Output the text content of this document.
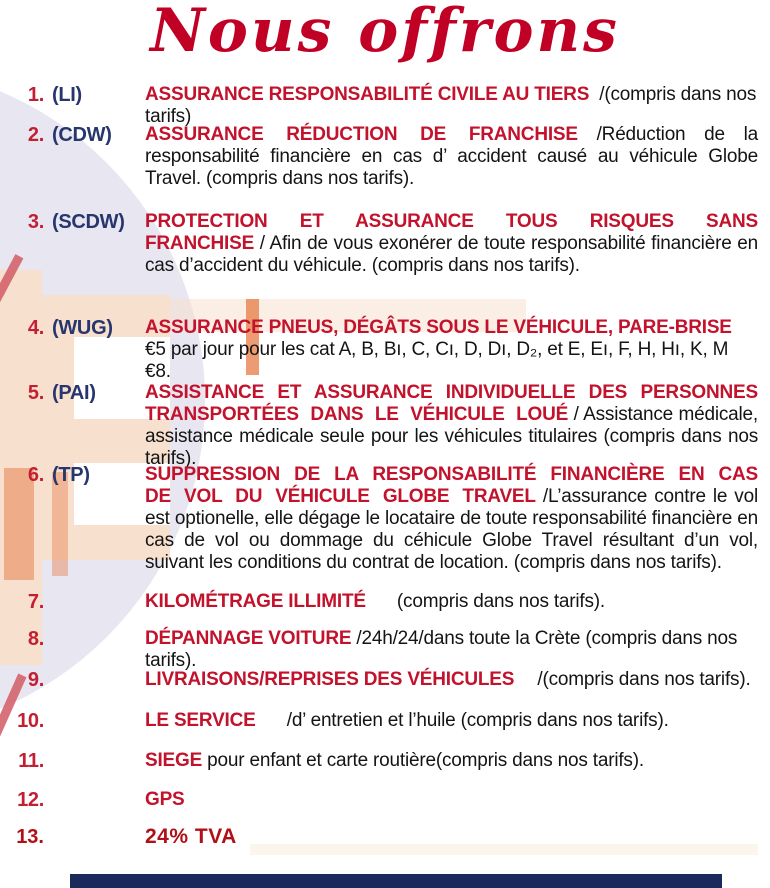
Nous offrons
1. (LI)	ASSURANCE RESPONSABILITÉ CIVILE AU TIERS /(compris dans nos tarifs)
2. (CDW) ASSURANCE RÉDUCTION DE FRANCHISE /Réduction de la responsabilité financière en cas d’ accident causé au véhicule Globe Travel. (compris dans nos tarifs).
3. (SCDW) PROTECTION ET ASSURANCE TOUS RISQUES SANS FRANCHISE / Afin de vous exonérer de toute responsabilité financière en cas d’accident du véhicule. (compris dans nos tarifs).
4. (WUG) ASSURANCE PNEUS, DÉGÂTS SOUS LE VÉHICULE, PARE-BRISE
€5 par jour pour les cat A, B, Bı, C, Cı, D, Dı, D₂, et E, Eı, F, H, Hı, K, M €8.
5. (PAI)	ASSISTANCE ET ASSURANCE INDIVIDUELLE DES PERSONNES TRANSPORTÉES DANS LE VÉHICULE LOUÉ / Assistance médicale, assistance médicale seule pour les véhicules titulaires (compris dans nos tarifs).
6. (TP)	SUPPRESSION DE LA RESPONSABILITÉ FINANCIÈRE EN CAS DE VOL DU VÉHICULE GLOBE TRAVEL /L’assurance contre le vol est optionelle, elle dégage le locataire de toute responsabilité financière en cas de vol ou dommage du céhicule Globe Travel résultant d’un vol, suivant les conditions du contrat de location. (compris dans nos tarifs).
7.	KILOMÉTRAGE ILLIMITÉ (compris dans nos tarifs).
8.	DÉPANNAGE VOITURE /24h/24/dans toute la Crète (compris dans nos tarifs).
9.	LIVRAISONS/REPRISES DES VÉHICULES /(compris dans nos tarifs).
10.	LE SERVICE /d’ entretien et l’huile (compris dans nos tarifs).
11.	SIEGE pour enfant et carte routière(compris dans nos tarifs).
12.	GPS
13.	24% TVA
